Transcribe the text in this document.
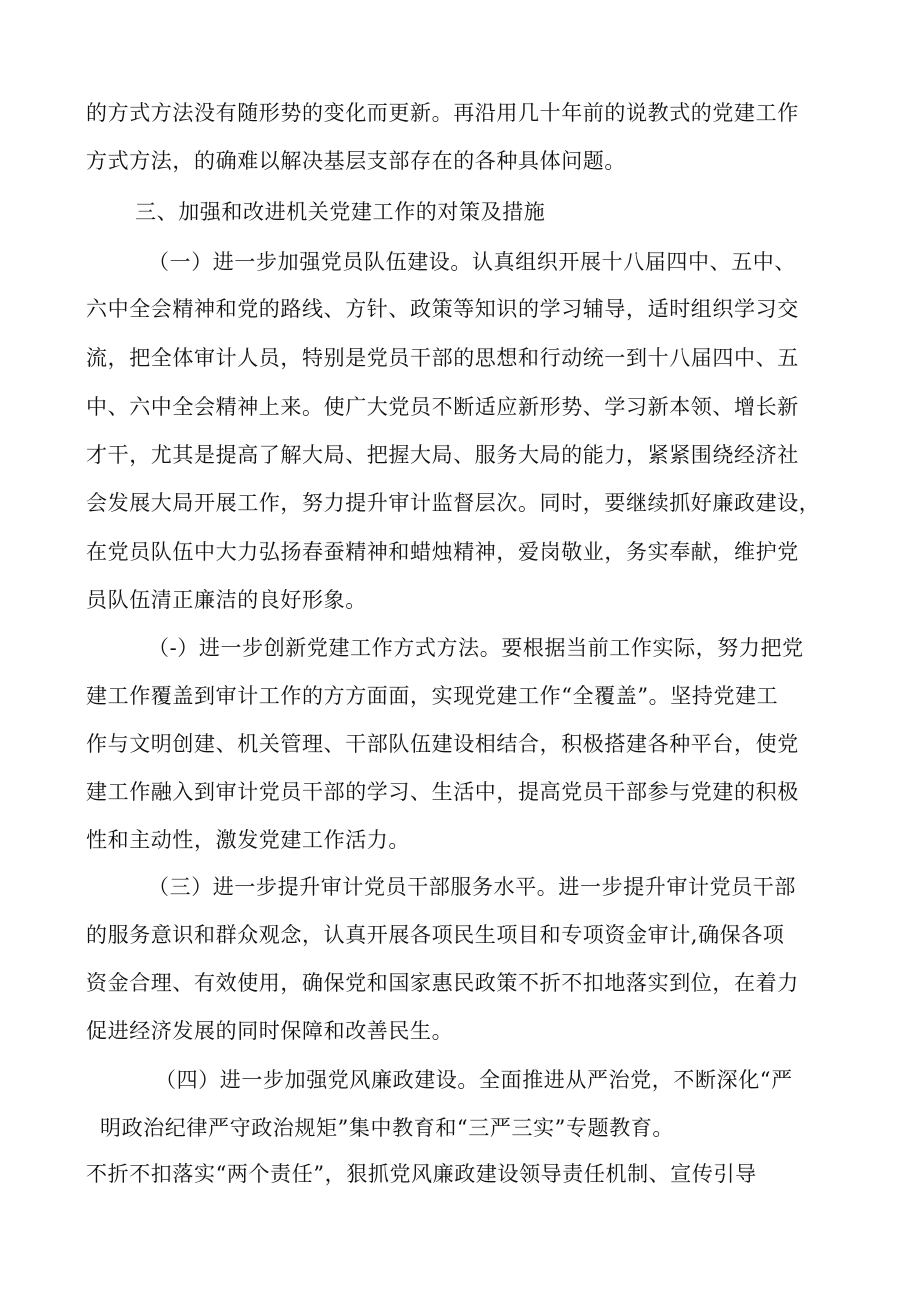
的方式方法没有随形势的变化而更新。再沿用几十年前的说教式的党建工作
方式方法，的确难以解决基层支部存在的各种具体问题。
三、加强和改进机关党建工作的对策及措施
（一）进一步加强党员队伍建设。认真组织开展十八届四中、五中、
六中全会精神和党的路线、方针、政策等知识的学习辅导，适时组织学习交
流，把全体审计人员，特别是党员干部的思想和行动统一到十八届四中、五
中、六中全会精神上来。使广大党员不断适应新形势、学习新本领、增长新
才干，尤其是提高了解大局、把握大局、服务大局的能力，紧紧围绕经济社
会发展大局开展工作，努力提升审计监督层次。同时，要继续抓好廉政建设，
在党员队伍中大力弘扬春蚕精神和蜡烛精神，爱岗敬业，务实奉献，维护党
员队伍清正廉洁的良好形象。
（-）进一步创新党建工作方式方法。要根据当前工作实际，努力把党
建工作覆盖到审计工作的方方面面，实现党建工作“全覆盖”。坚持党建工
作与文明创建、机关管理、干部队伍建设相结合，积极搭建各种平台，使党
建工作融入到审计党员干部的学习、生活中，提高党员干部参与党建的积极
性和主动性，激发党建工作活力。
（三）进一步提升审计党员干部服务水平。进一步提升审计党员干部
的服务意识和群众观念，认真开展各项民生项目和专项资金审计,确保各项
资金合理、有效使用，确保党和国家惠民政策不折不扣地落实到位，在着力
促进经济发展的同时保障和改善民生。
（四）进一步加强党风廉政建设。全面推进从严治党，不断深化“严
明政治纪律严守政治规矩”集中教育和“三严三实”专题教育。
不折不扣落实“两个责任”，狠抓党风廉政建设领导责任机制、宣传引导
